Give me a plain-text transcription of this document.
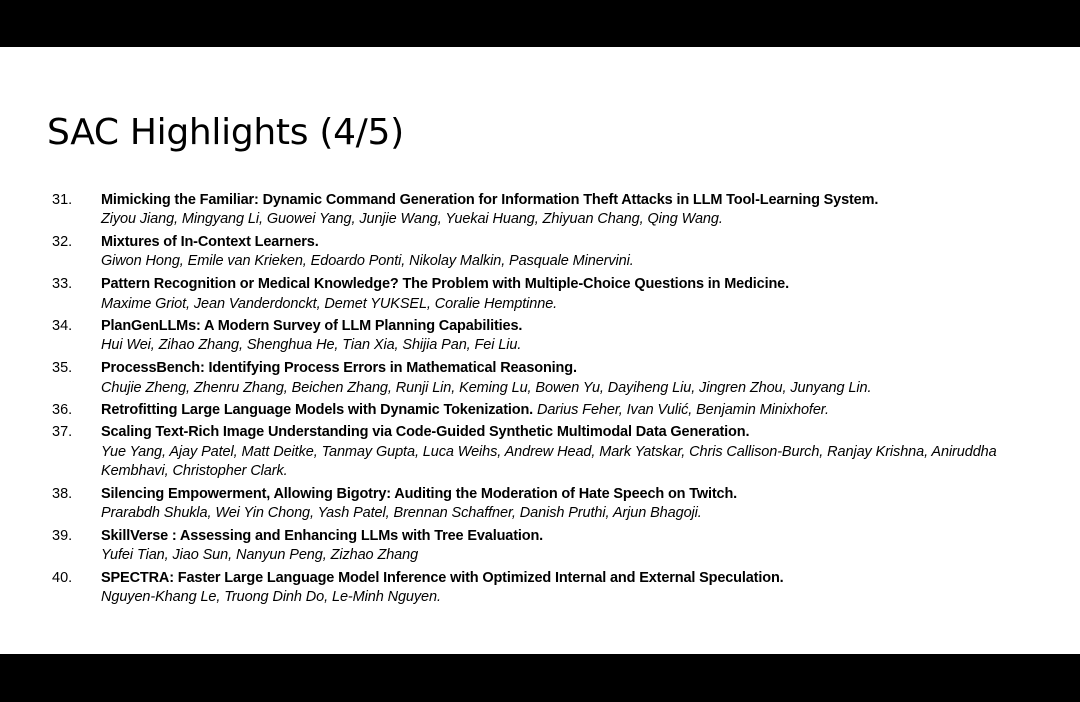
SAC Highlights (4/5)
31. Mimicking the Familiar: Dynamic Command Generation for Information Theft Attacks in LLM Tool-Learning System.
Ziyou Jiang, Mingyang Li, Guowei Yang, Junjie Wang, Yuekai Huang, Zhiyuan Chang, Qing Wang.
32. Mixtures of In-Context Learners.
Giwon Hong, Emile van Krieken, Edoardo Ponti, Nikolay Malkin, Pasquale Minervini.
33. Pattern Recognition or Medical Knowledge? The Problem with Multiple-Choice Questions in Medicine.
Maxime Griot, Jean Vanderdonckt, Demet YUKSEL, Coralie Hemptinne.
34. PlanGenLLMs: A Modern Survey of LLM Planning Capabilities.
Hui Wei, Zihao Zhang, Shenghua He, Tian Xia, Shijia Pan, Fei Liu.
35. ProcessBench: Identifying Process Errors in Mathematical Reasoning.
Chujie Zheng, Zhenru Zhang, Beichen Zhang, Runji Lin, Keming Lu, Bowen Yu, Dayiheng Liu, Jingren Zhou, Junyang Lin.
36. Retrofitting Large Language Models with Dynamic Tokenization. Darius Feher, Ivan Vulić, Benjamin Minixhofer.
37. Scaling Text-Rich Image Understanding via Code-Guided Synthetic Multimodal Data Generation.
Yue Yang, Ajay Patel, Matt Deitke, Tanmay Gupta, Luca Weihs, Andrew Head, Mark Yatskar, Chris Callison-Burch, Ranjay Krishna, Aniruddha Kembhavi, Christopher Clark.
38. Silencing Empowerment, Allowing Bigotry: Auditing the Moderation of Hate Speech on Twitch.
Prarabdh Shukla, Wei Yin Chong, Yash Patel, Brennan Schaffner, Danish Pruthi, Arjun Bhagoji.
39. SkillVerse : Assessing and Enhancing LLMs with Tree Evaluation.
Yufei Tian, Jiao Sun, Nanyun Peng, Zizhao Zhang
40. SPECTRA: Faster Large Language Model Inference with Optimized Internal and External Speculation.
Nguyen-Khang Le, Truong Dinh Do, Le-Minh Nguyen.
